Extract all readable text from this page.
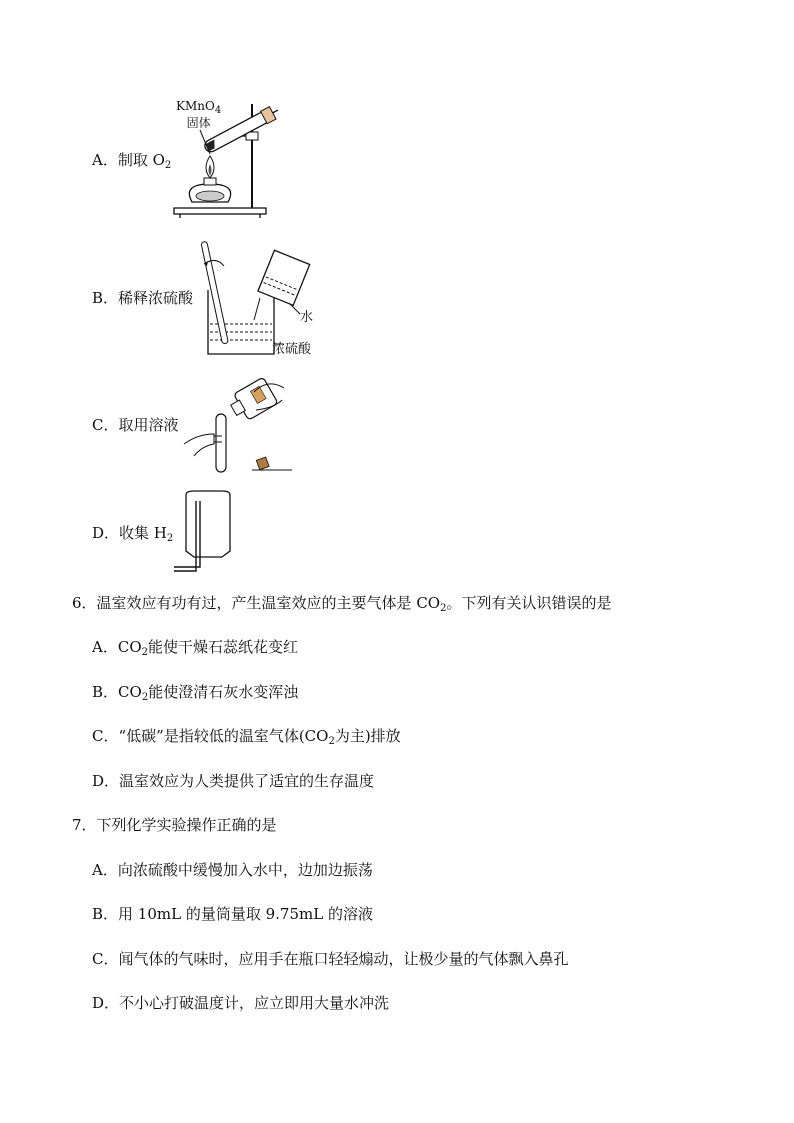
A．制取 $O_2$
KMnO$_4$
固体
B．稀释浓硫酸
水
浓硫酸
C．取用溶液
D．收集 $H_2$
6．温室效应有功有过，产生温室效应的主要气体是 $CO_2$。下列有关认识错误的是
A．$CO_2$能使干燥石蕊纸花变红
B．$CO_2$能使澄清石灰水变浑浊
C．“低碳”是指较低的温室气体($CO_2$为主)排放
D．温室效应为人类提供了适宜的生存温度
7．下列化学实验操作正确的是
A．向浓硫酸中缓慢加入水中，边加边振荡
B．用 10mL 的量筒量取 9.75mL 的溶液
C．闻气体的气味时，应用手在瓶口轻轻煽动，让极少量的气体飘入鼻孔
D．不小心打破温度计，应立即用大量水冲洗
